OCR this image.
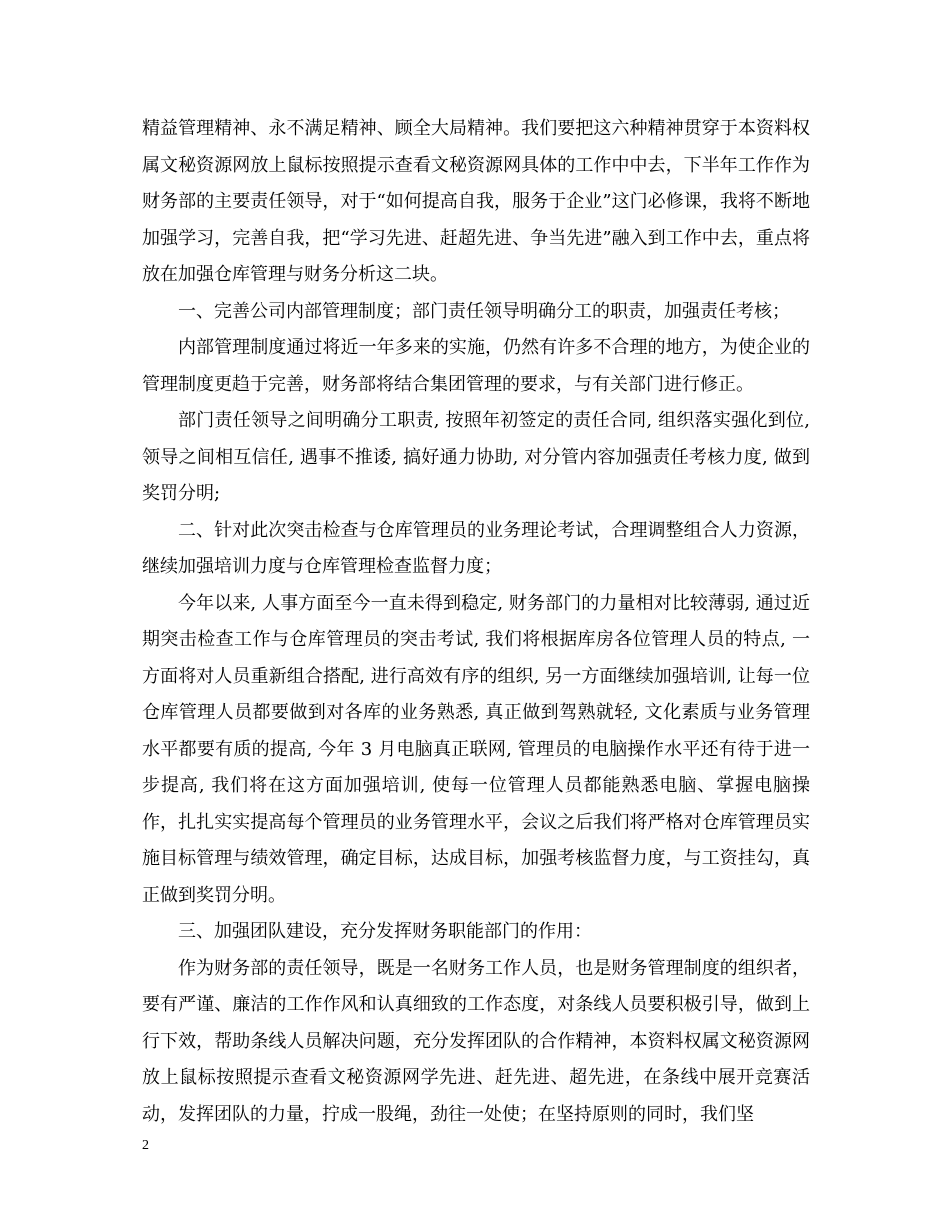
精益管理精神、永不满足精神、顾全大局精神。我们要把这六种精神贯穿于本资料权属文秘资源网放上鼠标按照提示查看文秘资源网具体的工作中中去，下半年工作作为财务部的主要责任领导，对于“如何提高自我，服务于企业”这门必修课，我将不断地加强学习，完善自我，把“学习先进、赶超先进、争当先进”融入到工作中去，重点将放在加强仓库管理与财务分析这二块。

一、完善公司内部管理制度；部门责任领导明确分工的职责，加强责任考核；

内部管理制度通过将近一年多来的实施，仍然有许多不合理的地方，为使企业的管理制度更趋于完善，财务部将结合集团管理的要求，与有关部门进行修正。

部门责任领导之间明确分工职责, 按照年初签定的责任合同, 组织落实强化到位, 领导之间相互信任, 遇事不推诿, 搞好通力协助, 对分管内容加强责任考核力度, 做到奖罚分明;

二、针对此次突击检查与仓库管理员的业务理论考试，合理调整组合人力资源，继续加强培训力度与仓库管理检查监督力度；

今年以来, 人事方面至今一直未得到稳定, 财务部门的力量相对比较薄弱, 通过近期突击检查工作与仓库管理员的突击考试, 我们将根据库房各位管理人员的特点, 一方面将对人员重新组合搭配, 进行高效有序的组织, 另一方面继续加强培训, 让每一位仓库管理人员都要做到对各库的业务熟悉, 真正做到驾熟就轻, 文化素质与业务管理水平都要有质的提高, 今年 3 月电脑真正联网, 管理员的电脑操作水平还有待于进一步提高, 我们将在这方面加强培训, 使每一位管理人员都能熟悉电脑、掌握电脑操作，扎扎实实提高每个管理员的业务管理水平，会议之后我们将严格对仓库管理员实施目标管理与绩效管理，确定目标，达成目标，加强考核监督力度，与工资挂勾，真正做到奖罚分明。

三、加强团队建设，充分发挥财务职能部门的作用：

作为财务部的责任领导，既是一名财务工作人员，也是财务管理制度的组织者，要有严谨、廉洁的工作作风和认真细致的工作态度，对条线人员要积极引导，做到上行下效，帮助条线人员解决问题，充分发挥团队的合作精神，本资料权属文秘资源网放上鼠标按照提示查看文秘资源网学先进、赶先进、超先进，在条线中展开竞赛活动，发挥团队的力量，拧成一股绳，劲往一处使；在坚持原则的同时，我们坚

2
